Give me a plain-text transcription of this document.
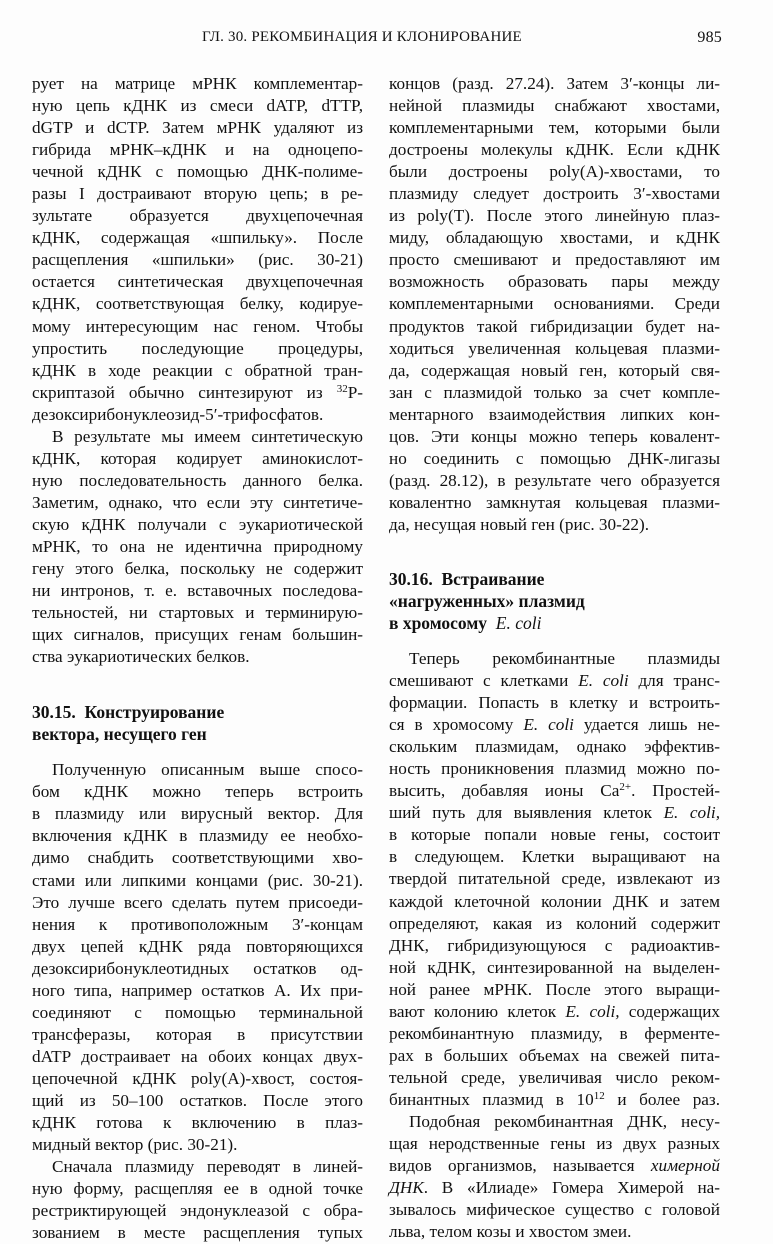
ГЛ. 30. РЕКОМБИНАЦИЯ И КЛОНИРОВАНИЕ	985
рует на матрице мРНК комплементар-
ную цепь кДНК из смеси dATP, dTTP,
dGTP и dCTP. Затем мРНК удаляют из
гибрида мРНК–кДНК и на одноцепо-
чечной кДНК с помощью ДНК-полиме-
разы I достраивают вторую цепь; в ре-
зультате образуется двухцепочечная
кДНК, содержащая «шпильку». После
расщепления «шпильки» (рис. 30-21)
остается синтетическая двухцепочечная
кДНК, соответствующая белку, кодируе-
мому интересующим нас геном. Чтобы
упростить последующие процедуры,
кДНК в ходе реакции с обратной тран-
скриптазой обычно синтезируют из $^{32}$P-
дезоксирибонуклеозид-5′-трифосфатов.
В результате мы имеем синтетическую
кДНК, которая кодирует аминокислот-
ную последовательность данного белка.
Заметим, однако, что если эту синтетиче-
скую кДНК получали с эукариотической
мРНК, то она не идентична природному
гену этого белка, поскольку не содержит
ни интронов, т. е. вставочных последова-
тельностей, ни стартовых и терминирую-
щих сигналов, присущих генам большин-
ства эукариотических белков.
30.15. Конструирование
вектора, несущего ген
Полученную описанным выше спосо-
бом кДНК можно теперь встроить
в плазмиду или вирусный вектор. Для
включения кДНК в плазмиду ее необхо-
димо снабдить соответствующими хво-
стами или липкими концами (рис. 30-21).
Это лучше всего сделать путем присоеди-
нения к противоположным 3′-концам
двух цепей кДНК ряда повторяющихся
дезоксирибонуклеотидных остатков од-
ного типа, например остатков А. Их при-
соединяют с помощью терминальной
трансферазы, которая в присутствии
dATP достраивает на обоих концах двух-
цепочечной кДНК poly(A)-хвост, состоя-
щий из 50–100 остатков. После этого
кДНК готова к включению в плаз-
мидный вектор (рис. 30-21).
Сначала плазмиду переводят в линей-
ную форму, расщепляя ее в одной точке
рестриктирующей эндонуклеазой с обра-
зованием в месте расщепления тупых
концов (разд. 27.24). Затем 3′-концы ли-
нейной плазмиды снабжают хвостами,
комплементарными тем, которыми были
достроены молекулы кДНК. Если кДНК
были достроены poly(A)-хвостами, то
плазмиду следует достроить 3′-хвостами
из poly(T). После этого линейную плаз-
миду, обладающую хвостами, и кДНК
просто смешивают и предоставляют им
возможность образовать пары между
комплементарными основаниями. Среди
продуктов такой гибридизации будет на-
ходиться увеличенная кольцевая плазми-
да, содержащая новый ген, который свя-
зан с плазмидой только за счет компле-
ментарного взаимодействия липких кон-
цов. Эти концы можно теперь ковалент-
но соединить с помощью ДНК-лигазы
(разд. 28.12), в результате чего образуется
ковалентно замкнутая кольцевая плазми-
да, несущая новый ген (рис. 30-22).
30.16. Встраивание
«нагруженных» плазмид
в хромосому E. coli
Теперь рекомбинантные плазмиды
смешивают с клетками E. coli для транс-
формации. Попасть в клетку и встроить-
ся в хромосому E. coli удается лишь не-
скольким плазмидам, однако эффектив-
ность проникновения плазмид можно по-
высить, добавляя ионы $Ca^{2+}$. Простей-
ший путь для выявления клеток E. coli,
в которые попали новые гены, состоит
в следующем. Клетки выращивают на
твердой питательной среде, извлекают из
каждой клеточной колонии ДНК и затем
определяют, какая из колоний содержит
ДНК, гибридизующуюся с радиоактив-
ной кДНК, синтезированной на выделен-
ной ранее мРНК. После этого выращи-
вают колонию клеток E. coli, содержащих
рекомбинантную плазмиду, в ферменте-
рах в больших объемах на свежей пита-
тельной среде, увеличивая число реком-
бинантных плазмид в $10^{12}$ и более раз.
Подобная рекомбинантная ДНК, несу-
щая неродственные гены из двух разных
видов организмов, называется химерной
ДНК. В «Илиаде» Гомера Химерой на-
зывалось мифическое существо с головой
льва, телом козы и хвостом змеи.
